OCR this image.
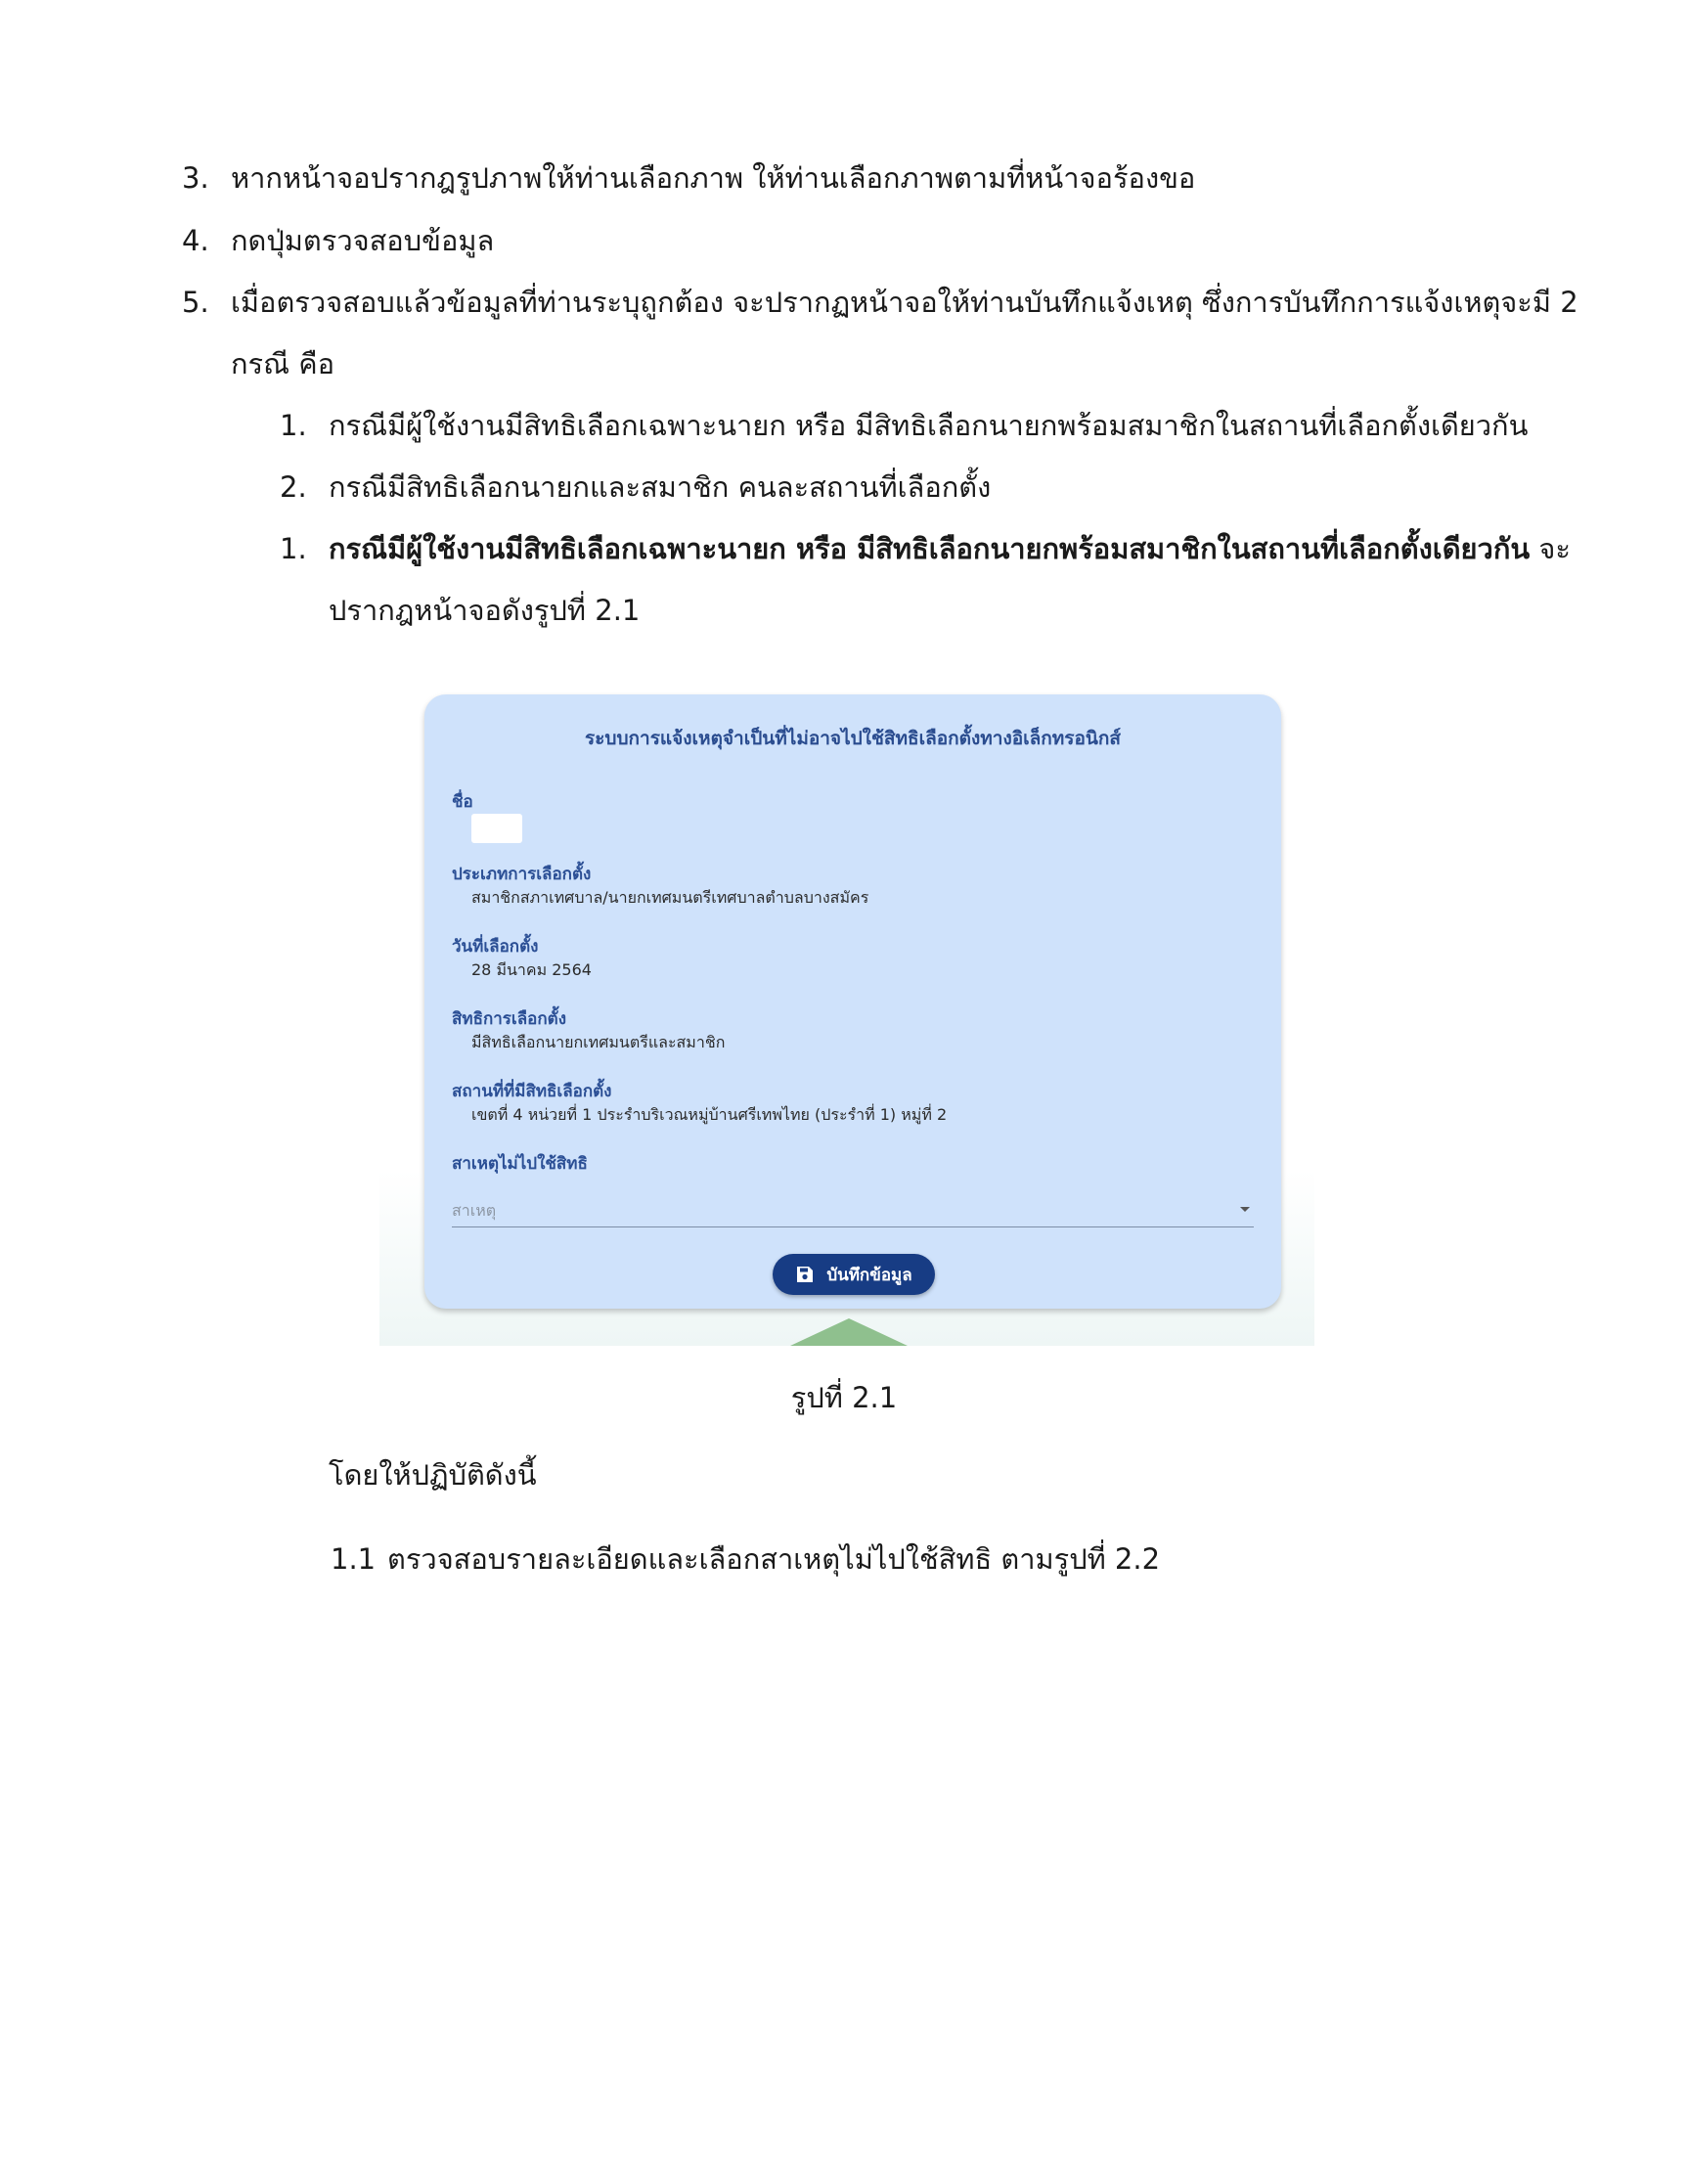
3. หากหน้าจอปรากฎรูปภาพให้ท่านเลือกภาพ ให้ท่านเลือกภาพตามที่หน้าจอร้องขอ
4. กดปุ่มตรวจสอบข้อมูล
5. เมื่อตรวจสอบแล้วข้อมูลที่ท่านระบุถูกต้อง จะปรากฏหน้าจอให้ท่านบันทึกแจ้งเหตุ ซึ่งการบันทึกการแจ้งเหตุจะมี 2
กรณี คือ
1. กรณีมีผู้ใช้งานมีสิทธิเลือกเฉพาะนายก หรือ มีสิทธิเลือกนายกพร้อมสมาชิกในสถานที่เลือกตั้งเดียวกัน
2. กรณีมีสิทธิเลือกนายกและสมาชิก คนละสถานที่เลือกตั้ง
1. กรณีมีผู้ใช้งานมีสิทธิเลือกเฉพาะนายก หรือ มีสิทธิเลือกนายกพร้อมสมาชิกในสถานที่เลือกตั้งเดียวกัน จะ
ปรากฎหน้าจอดังรูปที่ 2.1
ระบบการแจ้งเหตุจำเป็นที่ไม่อาจไปใช้สิทธิเลือกตั้งทางอิเล็กทรอนิกส์
ชื่อ
ประเภทการเลือกตั้ง
สมาชิกสภาเทศบาล/นายกเทศมนตรีเทศบาลตำบลบางสมัคร
วันที่เลือกตั้ง
28 มีนาคม 2564
สิทธิการเลือกตั้ง
มีสิทธิเลือกนายกเทศมนตรีและสมาชิก
สถานที่ที่มีสิทธิเลือกตั้ง
เขตที่ 4 หน่วยที่ 1 ประรำบริเวณหมู่บ้านศรีเทพไทย (ประรำที่ 1) หมู่ที่ 2
สาเหตุไม่ไปใช้สิทธิ
สาเหตุ
บันทึกข้อมูล
รูปที่ 2.1
โดยให้ปฏิบัติดังนี้
1.1 ตรวจสอบรายละเอียดและเลือกสาเหตุไม่ไปใช้สิทธิ ตามรูปที่ 2.2
